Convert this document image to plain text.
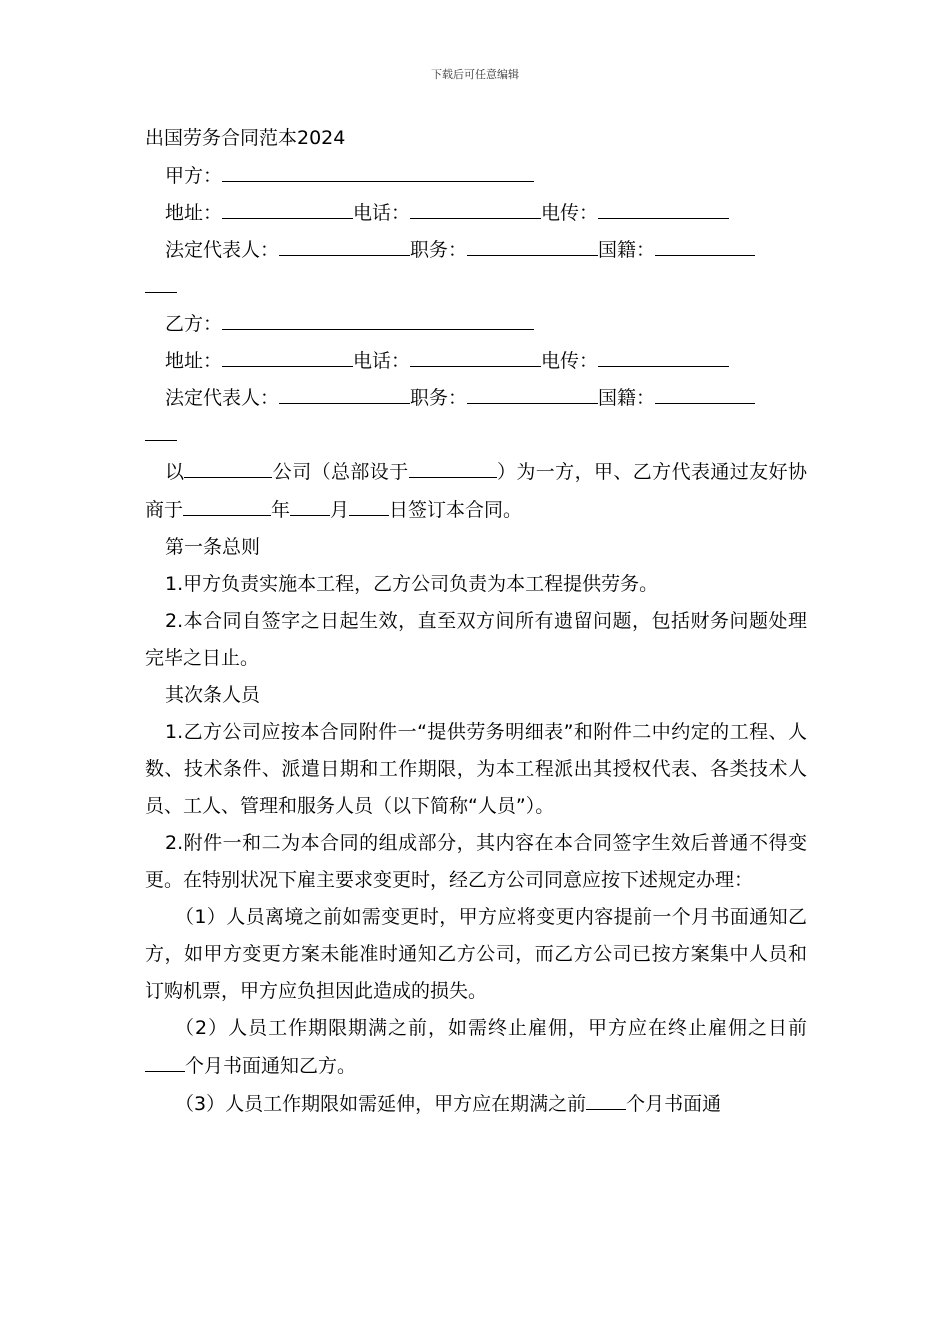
下载后可任意编辑
出国劳务合同范本2024
甲方：
地址：	电话：	电传：
法定代表人：	职务：	国籍：
乙方：
地址：	电话：	电传：
法定代表人：	职务：	国籍：
以	公司（总部设于	）为一方，甲、乙方代表通过友好协商于	年 月 日签订本合同。
第一条总则
1.甲方负责实施本工程，乙方公司负责为本工程提供劳务。
2.本合同自签字之日起生效，直至双方间所有遗留问题，包括财务问题处理完毕之日止。
其次条人员
1.乙方公司应按本合同附件一“提供劳务明细表”和附件二中约定的工程、人数、技术条件、派遣日期和工作期限，为本工程派出其授权代表、各类技术人员、工人、管理和服务人员（以下简称“人员”）。
2.附件一和二为本合同的组成部分，其内容在本合同签字生效后普通不得变更。在特别状况下雇主要求变更时，经乙方公司同意应按下述规定办理：
（1）人员离境之前如需变更时，甲方应将变更内容提前一个月书面通知乙方，如甲方变更方案未能准时通知乙方公司，而乙方公司已按方案集中人员和订购机票，甲方应负担因此造成的损失。
（2）人员工作期限期满之前，如需终止雇佣，甲方应在终止雇佣之日前个月书面通知乙方。
（3）人员工作期限如需延伸，甲方应在期满之前 个月书面通
